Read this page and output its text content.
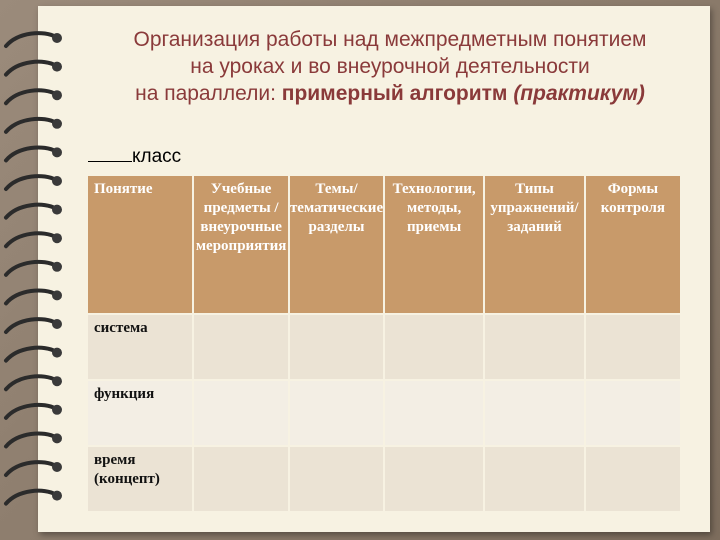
Организация работы над межпредметным понятием
на уроках и во внеурочной деятельности
на параллели: примерный алгоритм (практикум)
класс
Понятие	Учебные предметы /внеурочные мероприятия	Темы/ тематические разделы	Технологии, методы, приемы	Типы упражнений/заданий	Формы контроля
система					
функция					
время (концепт)					
